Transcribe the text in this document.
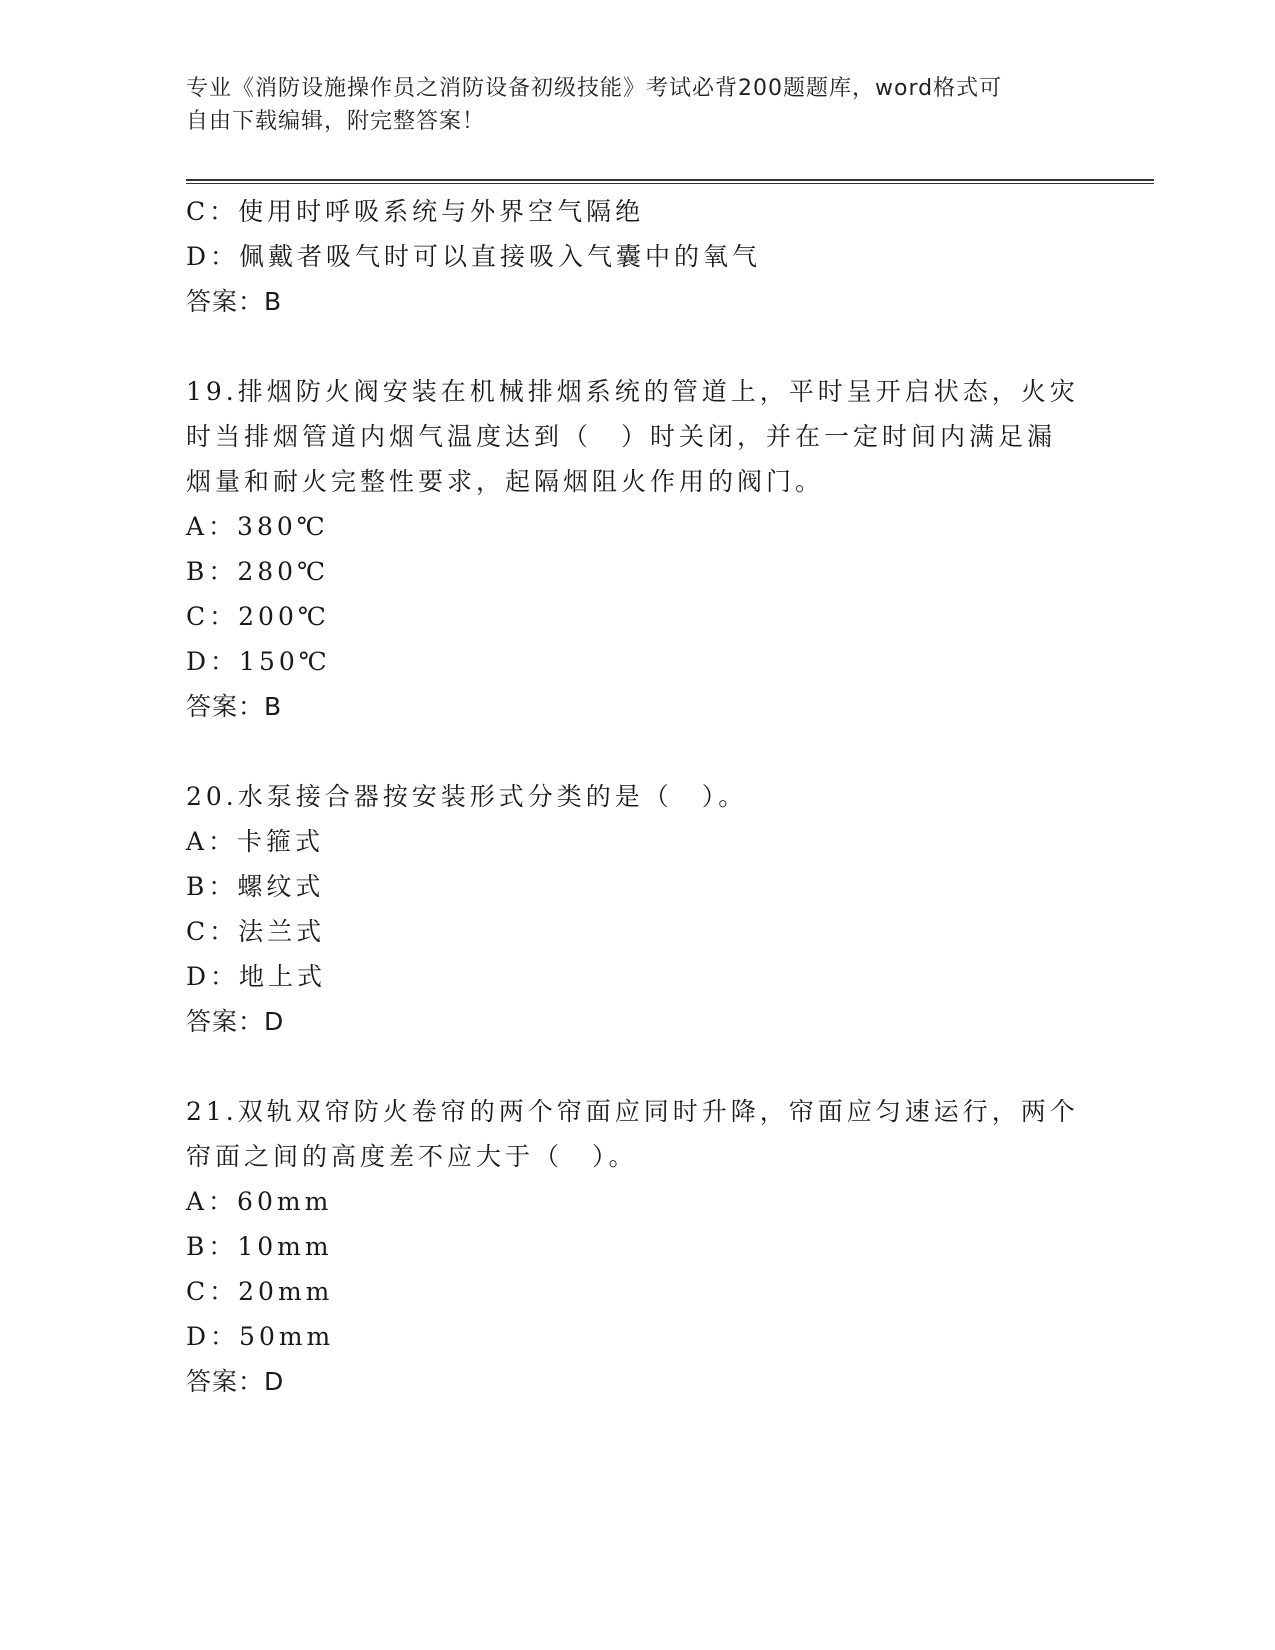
专业《消防设施操作员之消防设备初级技能》考试必背200题题库，word格式可
自由下载编辑，附完整答案！
C：使用时呼吸系统与外界空气隔绝
D：佩戴者吸气时可以直接吸入气囊中的氧气
答案：B
19.排烟防火阀安装在机械排烟系统的管道上，平时呈开启状态，火灾
时当排烟管道内烟气温度达到（　）时关闭，并在一定时间内满足漏
烟量和耐火完整性要求，起隔烟阻火作用的阀门。
A：380℃
B：280℃
C：200℃
D：150℃
答案：B
20.水泵接合器按安装形式分类的是（　）。
A：卡箍式
B：螺纹式
C：法兰式
D：地上式
答案：D
21.双轨双帘防火卷帘的两个帘面应同时升降，帘面应匀速运行，两个
帘面之间的高度差不应大于（　）。
A：60mm
B：10mm
C：20mm
D：50mm
答案：D
